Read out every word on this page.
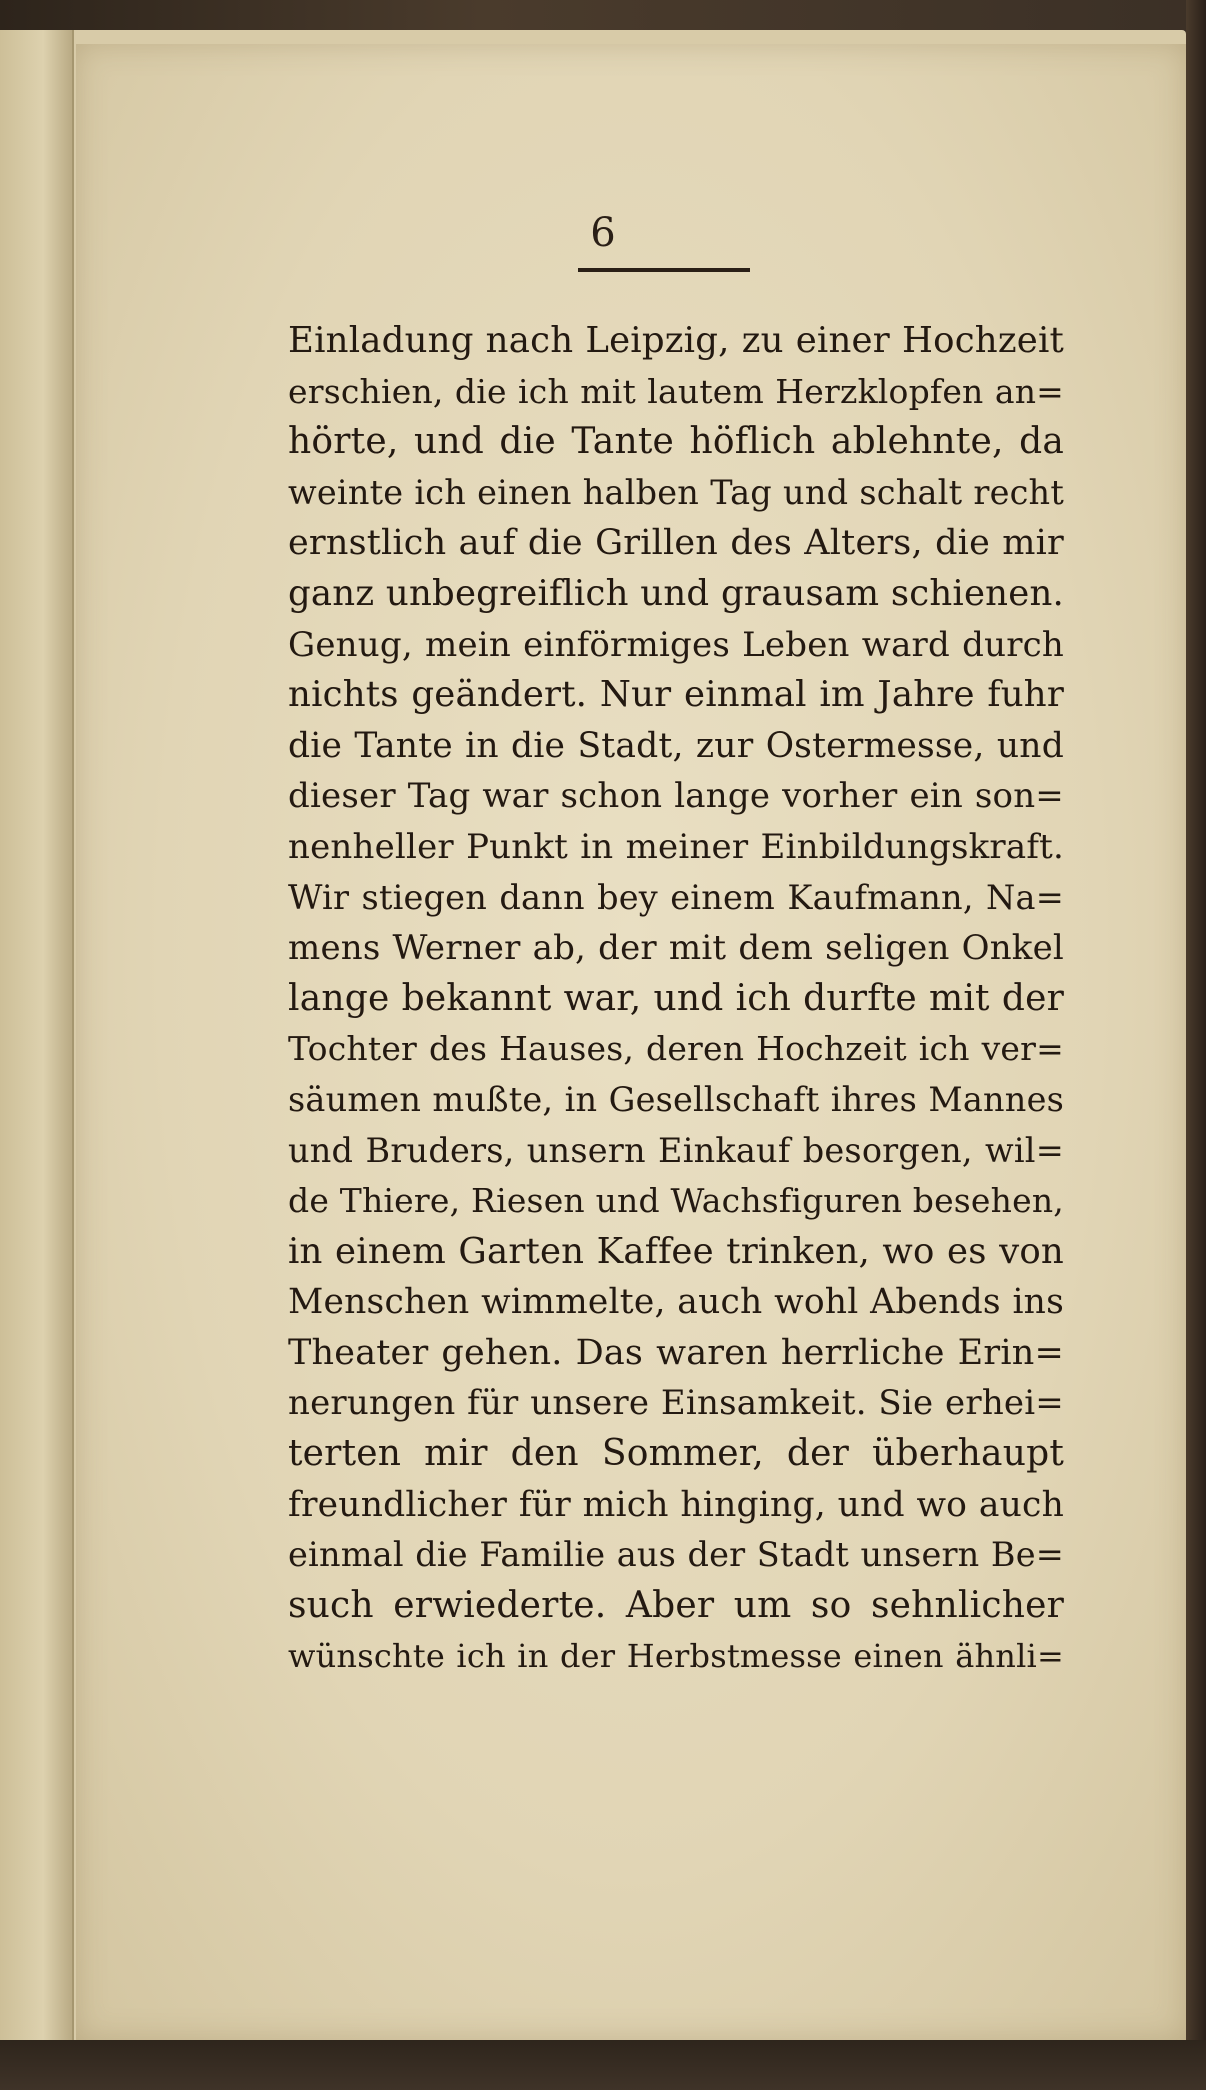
6
Einladung nach Leipzig, zu einer Hochzeit
erschien, die ich mit lautem Herzklopfen an=
hörte, und die Tante höflich ablehnte, da
weinte ich einen halben Tag und schalt recht
ernstlich auf die Grillen des Alters, die mir
ganz unbegreiflich und grausam schienen.
Genug, mein einförmiges Leben ward durch
nichts geändert. Nur einmal im Jahre fuhr
die Tante in die Stadt, zur Ostermesse, und
dieser Tag war schon lange vorher ein son=
nenheller Punkt in meiner Einbildungskraft.
Wir stiegen dann bey einem Kaufmann, Na=
mens Werner ab, der mit dem seligen Onkel
lange bekannt war, und ich durfte mit der
Tochter des Hauses, deren Hochzeit ich ver=
säumen mußte, in Gesellschaft ihres Mannes
und Bruders, unsern Einkauf besorgen, wil=
de Thiere, Riesen und Wachsfiguren besehen,
in einem Garten Kaffee trinken, wo es von
Menschen wimmelte, auch wohl Abends ins
Theater gehen. Das waren herrliche Erin=
nerungen für unsere Einsamkeit. Sie erhei=
terten mir den Sommer, der überhaupt
freundlicher für mich hinging, und wo auch
einmal die Familie aus der Stadt unsern Be=
such erwiederte. Aber um so sehnlicher
wünschte ich in der Herbstmesse einen ähnli=
